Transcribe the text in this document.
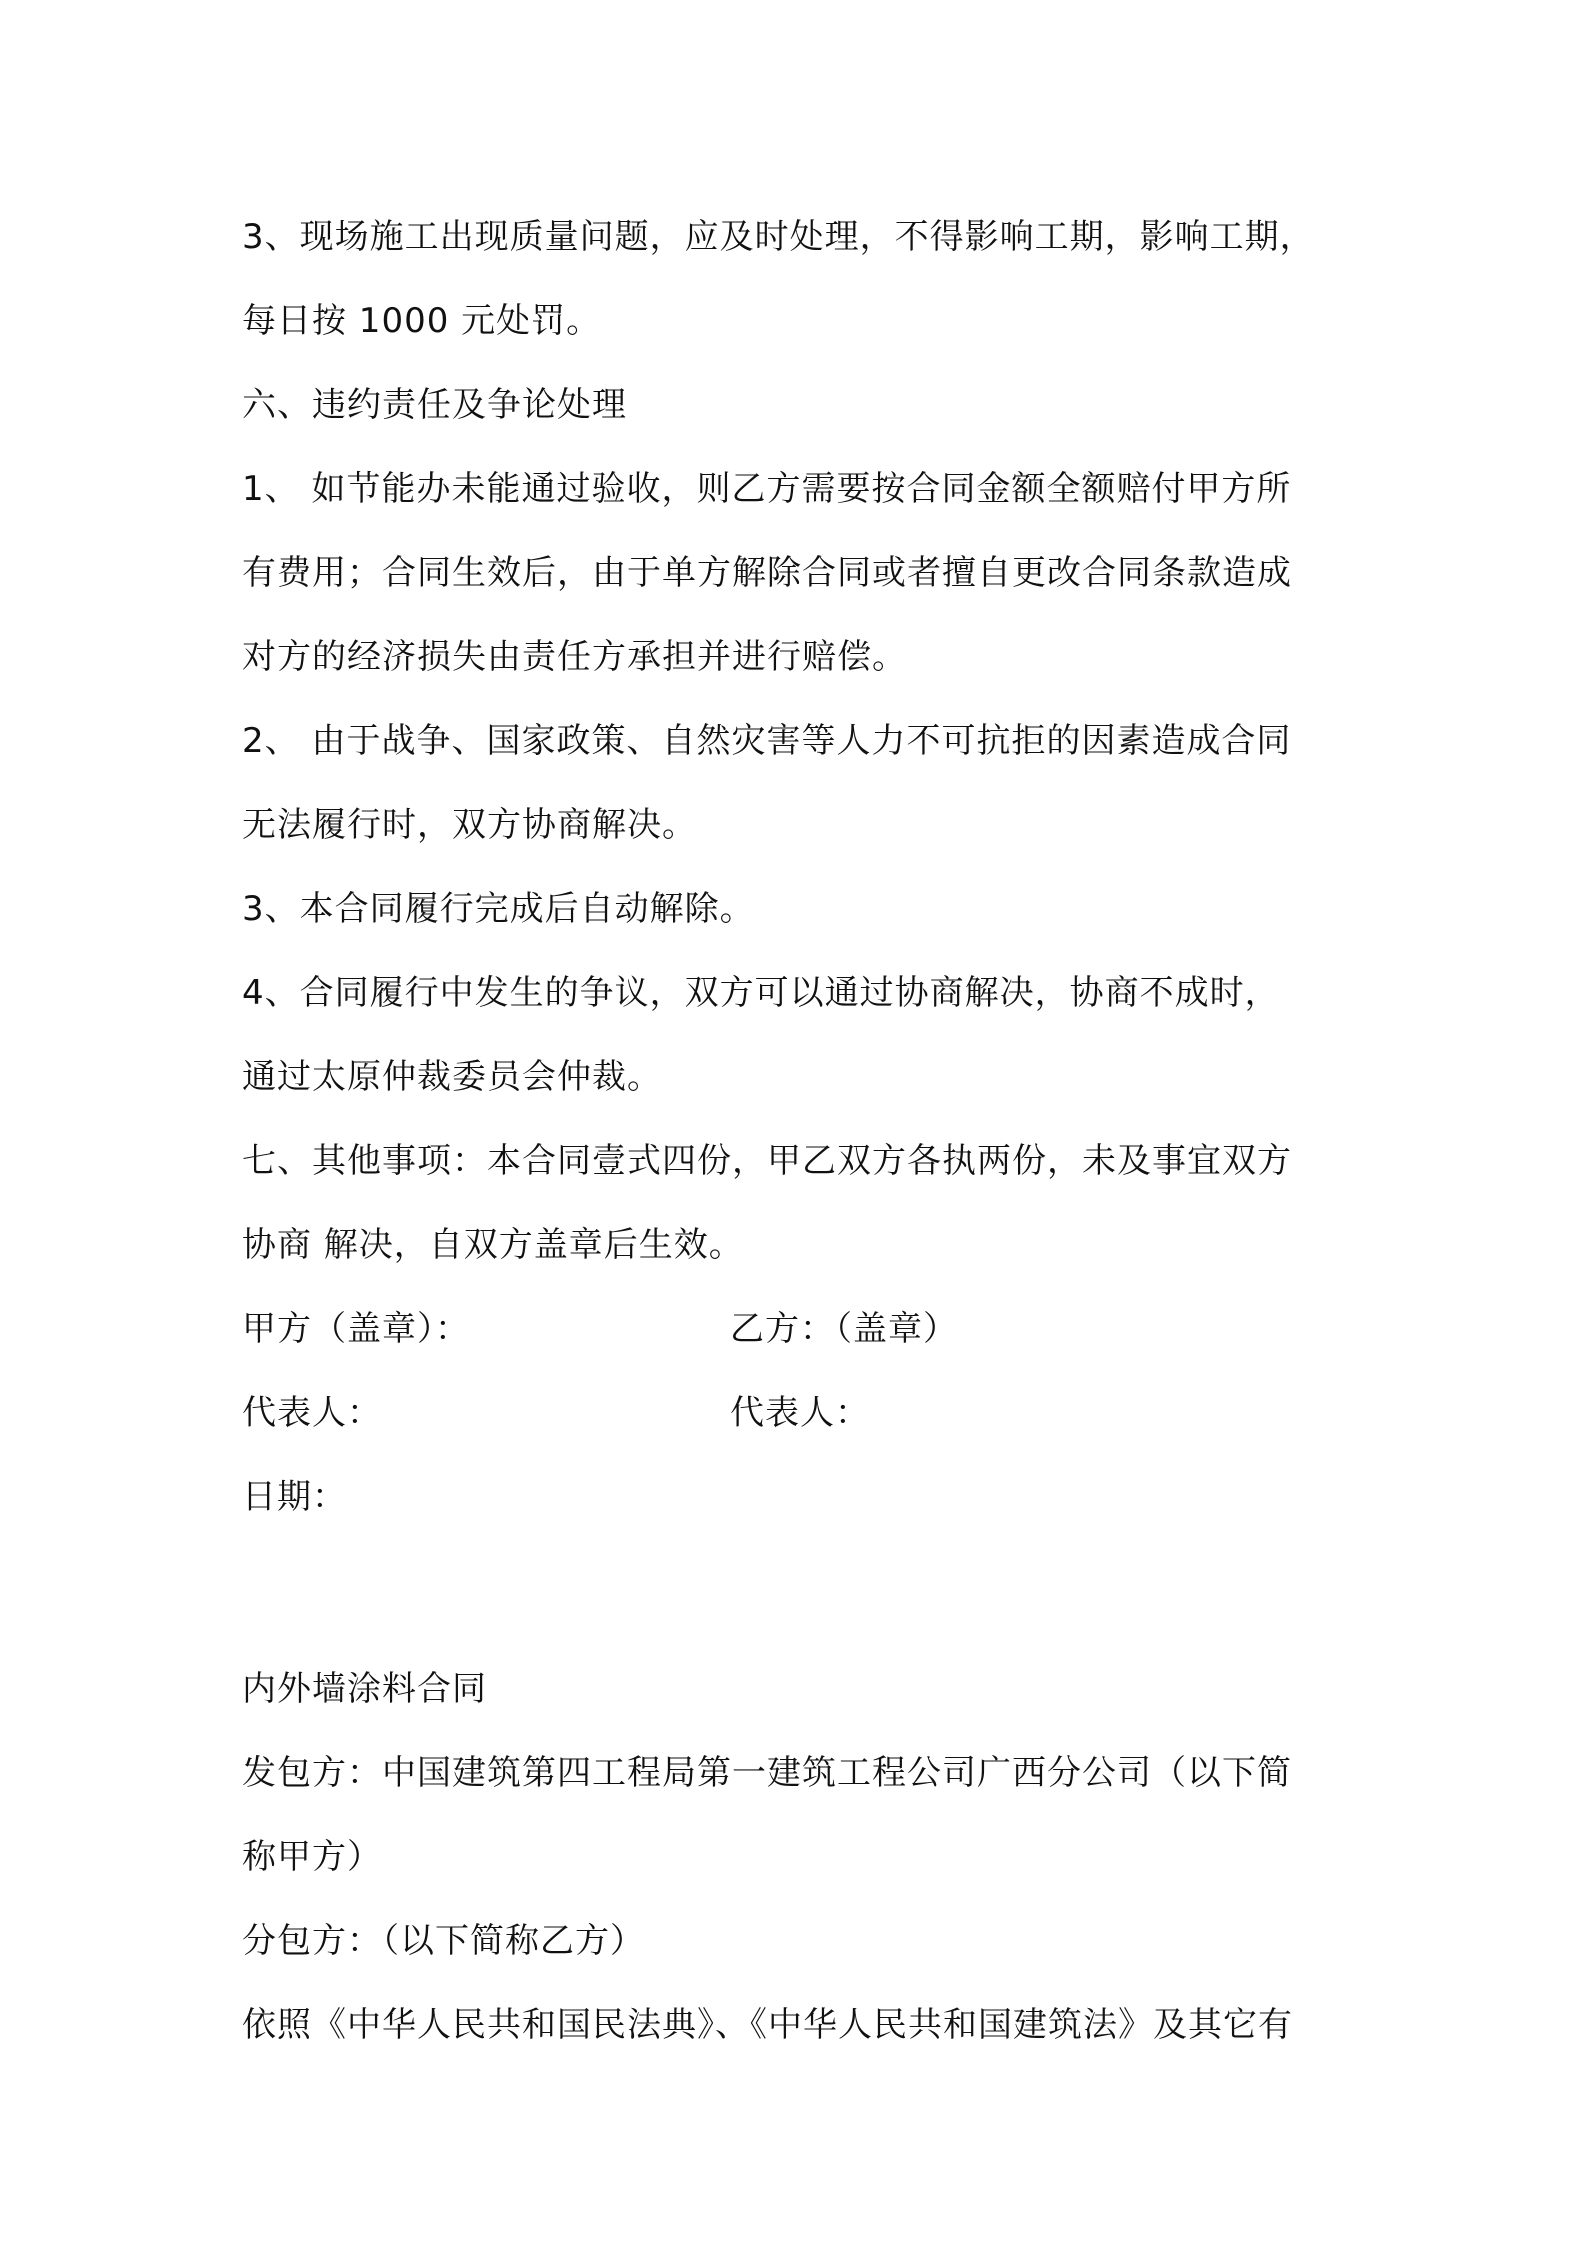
3、现场施工出现质量问题，应及时处理，不得影响工期，影响工期，
每日按 1000 元处罚。
六、违约责任及争论处理
1、 如节能办未能通过验收，则乙方需要按合同金额全额赔付甲方所
有费用；合同生效后，由于单方解除合同或者擅自更改合同条款造成
对方的经济损失由责任方承担并进行赔偿。
2、 由于战争、国家政策、自然灾害等人力不可抗拒的因素造成合同
无法履行时，双方协商解决。
3、本合同履行完成后自动解除。
4、合同履行中发生的争议，双方可以通过协商解决，协商不成时，
通过太原仲裁委员会仲裁。
七、其他事项：本合同壹式四份，甲乙双方各执两份，未及事宜双方
协商 解决，自双方盖章后生效。
甲方（盖章）：	乙方：（盖章）
代表人：	代表人：
日期：
内外墙涂料合同
发包方：中国建筑第四工程局第一建筑工程公司广西分公司（以下简
称甲方）
分包方：（以下简称乙方）
依照《中华人民共和国民法典》、《中华人民共和国建筑法》及其它有
